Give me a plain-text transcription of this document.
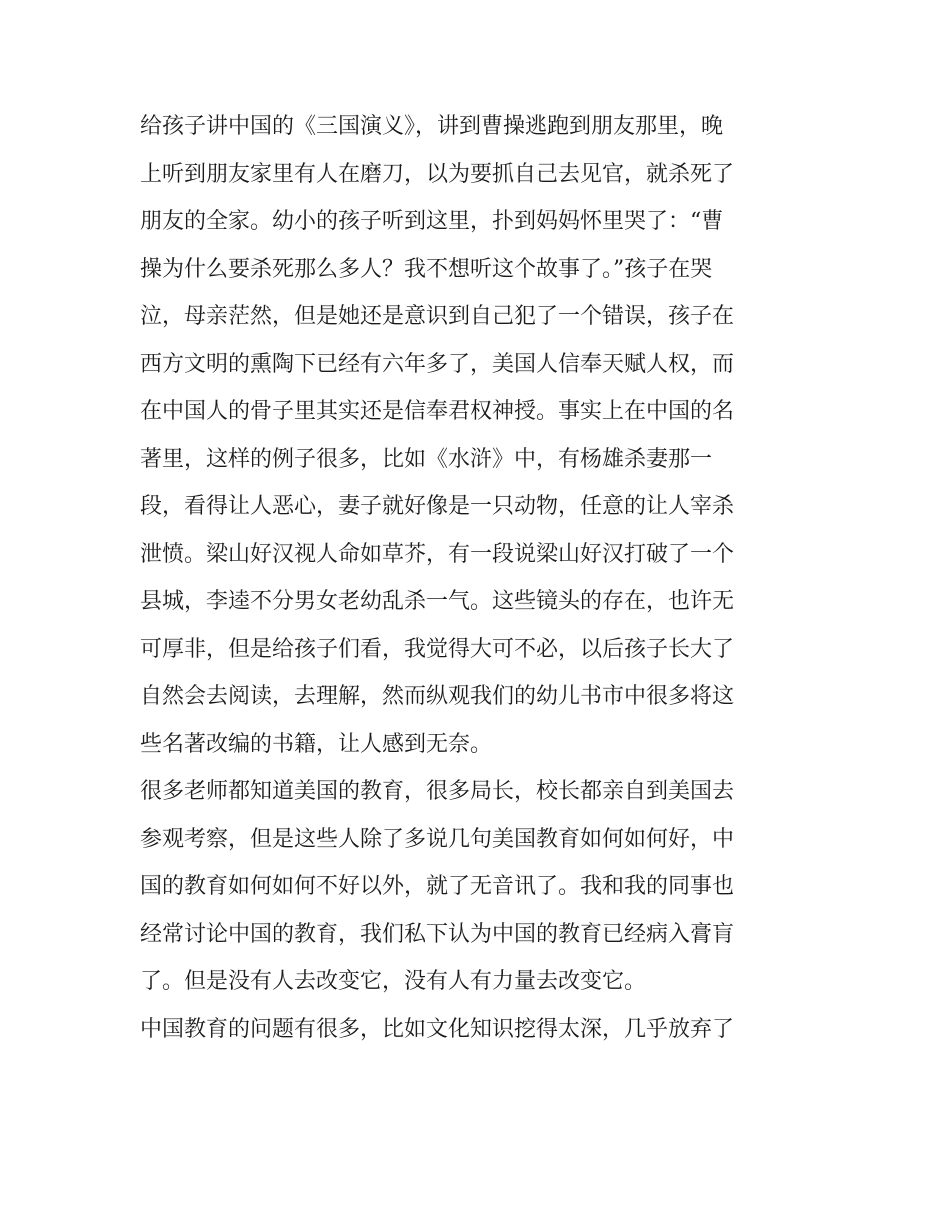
给孩子讲中国的《三国演义》，讲到曹操逃跑到朋友那里，晚
上听到朋友家里有人在磨刀，以为要抓自己去见官，就杀死了
朋友的全家。幼小的孩子听到这里，扑到妈妈怀里哭了：“曹
操为什么要杀死那么多人？我不想听这个故事了。”孩子在哭
泣，母亲茫然，但是她还是意识到自己犯了一个错误，孩子在
西方文明的熏陶下已经有六年多了，美国人信奉天赋人权，而
在中国人的骨子里其实还是信奉君权神授。事实上在中国的名
著里，这样的例子很多，比如《水浒》中，有杨雄杀妻那一
段，看得让人恶心，妻子就好像是一只动物，任意的让人宰杀
泄愤。梁山好汉视人命如草芥，有一段说梁山好汉打破了一个
县城，李逵不分男女老幼乱杀一气。这些镜头的存在，也许无
可厚非，但是给孩子们看，我觉得大可不必，以后孩子长大了
自然会去阅读，去理解，然而纵观我们的幼儿书市中很多将这
些名著改编的书籍，让人感到无奈。
很多老师都知道美国的教育，很多局长，校长都亲自到美国去
参观考察，但是这些人除了多说几句美国教育如何如何好，中
国的教育如何如何不好以外，就了无音讯了。我和我的同事也
经常讨论中国的教育，我们私下认为中国的教育已经病入膏肓
了。但是没有人去改变它，没有人有力量去改变它。
中国教育的问题有很多，比如文化知识挖得太深，几乎放弃了
